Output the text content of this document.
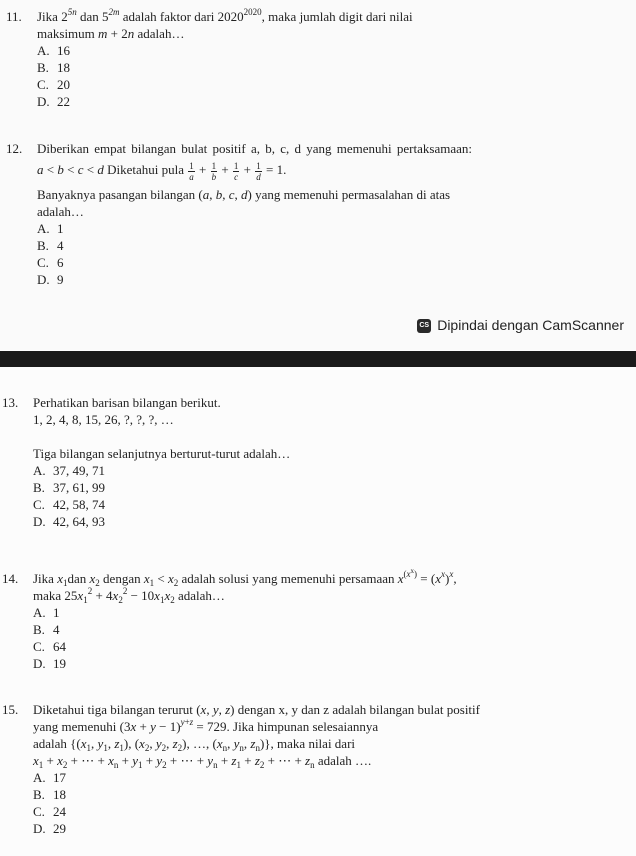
11. Jika $2^{5n}$ dan $5^{2m}$ adalah faktor dari $2020^{2020}$, maka jumlah digit dari nilai
maksimum m + 2n adalah…
A. 16
B. 18
C. 20
D. 22
12. Diberikan empat bilangan bulat positif a, b, c, d yang memenuhi pertaksamaan:
a < b < c < d Diketahui pula $\frac{1}{a} + \frac{1}{b} + \frac{1}{c} + \frac{1}{d} = 1$.
Banyaknya pasangan bilangan (a, b, c, d) yang memenuhi permasalahan di atas
adalah…
A. 1
B. 4
C. 6
D. 9
CS Dipindai dengan CamScanner
13. Perhatikan barisan bilangan berikut.
1, 2, 4, 8, 15, 26, ?, ?, ?, …
Tiga bilangan selanjutnya berturut-turut adalah…
A. 37, 49, 71
B. 37, 61, 99
C. 42, 58, 74
D. 42, 64, 93
14. Jika $x_1dan$ $x_2$ dengan $x_1 < x_2$ adalah solusi yang memenuhi persamaan $x^{(x^x)} = (x^x)^x$,
maka $25x_1^2 + 4x_2^2 - 10x_1x_2$ adalah…
A. 1
B. 4
C. 64
D. 19
15. Diketahui tiga bilangan terurut (x, y, z) dengan x, y dan z adalah bilangan bulat positif
yang memenuhi $(3x + y - 1)^{y+z} = 729$. Jika himpunan selesaiannya
adalah {($x_1$, $y_1$, $z_1$), ($x_2$, $y_2$, $z_2$), …, ($x_n$, $y_n$, $z_n$)}, maka nilai dari
$x_1 + x_2$ + ⋯ + $x_n + y_1 + y_2$ + ⋯ + $y_n + z_1 + z_2$ + ⋯ + $z_n$ adalah ….
A. 17
B. 18
C. 24
D. 29
